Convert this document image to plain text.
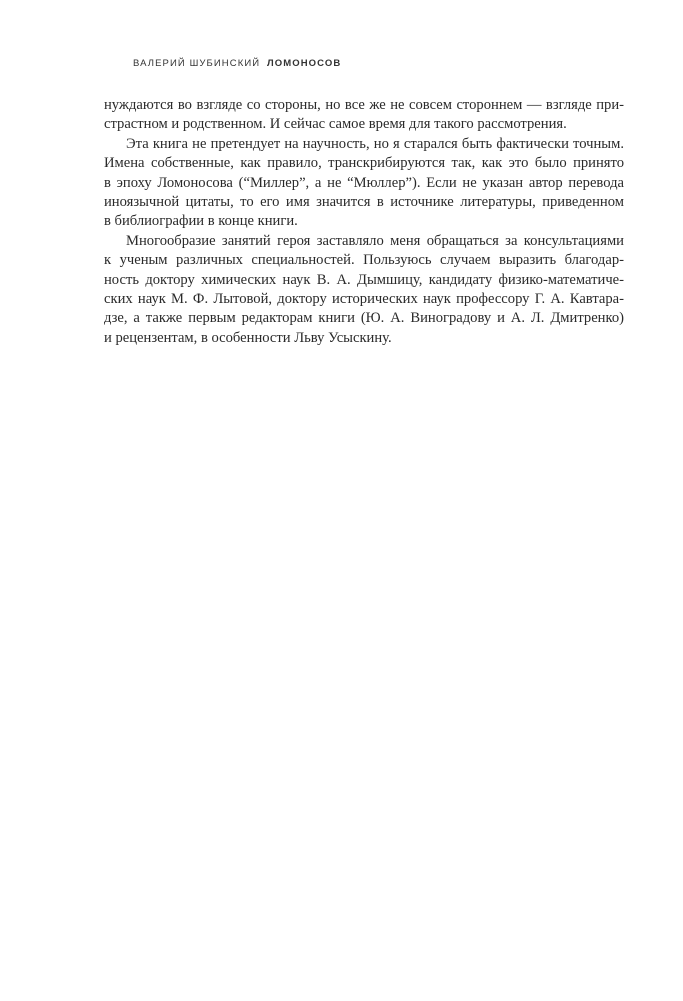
ВАЛЕРИЙ ШУБИНСКИЙ ЛОМОНОСОВ
нуждаются во взгляде со стороны, но все же не совсем стороннем — взгляде при-
страстном и родственном. И сейчас самое время для такого рассмотрения.
Эта книга не претендует на научность, но я старался быть фактически точным.
Имена собственные, как правило, транскрибируются так, как это было принято
в эпоху Ломоносова (“Миллер”, а не “Мюллер”). Если не указан автор перевода
иноязычной цитаты, то его имя значится в источнике литературы, приведенном
в библиографии в конце книги.
Многообразие занятий героя заставляло меня обращаться за консультациями
к ученым различных специальностей. Пользуюсь случаем выразить благодар-
ность доктору химических наук В. А. Дымшицу, кандидату физико-математиче-
ских наук М. Ф. Лытовой, доктору исторических наук профессору Г. А. Кавтара-
дзе, а также первым редакторам книги (Ю. А. Виноградову и А. Л. Дмитренко)
и рецензентам, в особенности Льву Усыскину.
